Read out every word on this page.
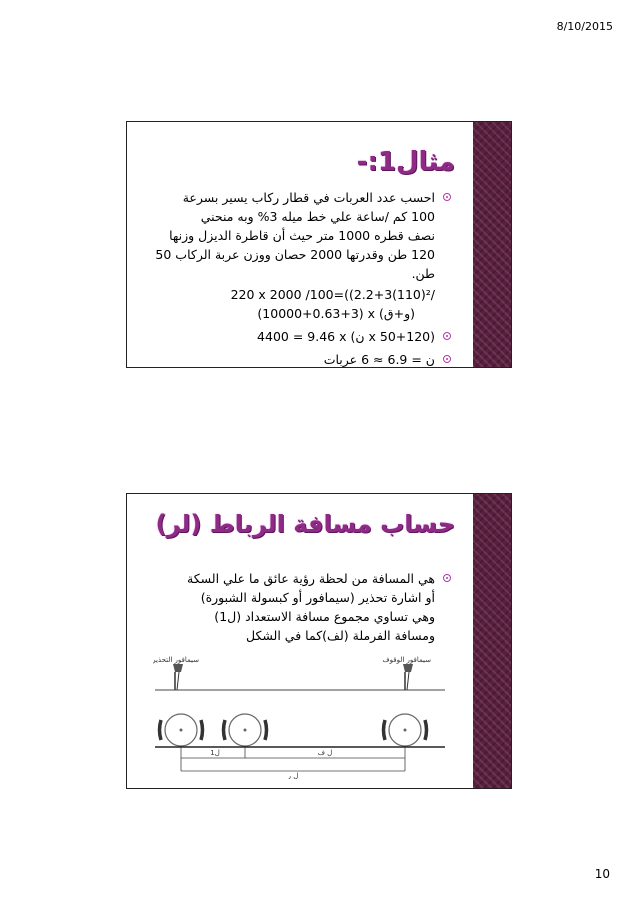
8/10/2015
مثال1:-
احسب عدد العربات في قطار ركاب يسير بسرعة
100 كم /ساعة علي خط ميله 3% وبه منحني
نصف قطره 1000 متر حيث أن قاطرة الديزل وزنها
120 طن وقدرتها 2000 حصان ووزن عربة الركاب 50
طن.
220 x 2000 /100=((2.2+3(110)²/
(10000+0.63+3) x (و+ق)
4400 = 9.46 x (ن x 50+120)
ن = 6.9 ≈ 6 عربات
حساب مسافة الرباط (لر)
هي المسافة من لحظة رؤية عائق ما علي السكة
أو اشارة تحذير (سيمافور أو كبسولة الشبورة)
وهي تساوي مجموع مسافة الاستعداد (ل1)
ومسافة الفرملة (لف)كما في الشكل
سيمافور التحذير	سيمافور الوقوف
ل1	ل ف
ل ر
10
